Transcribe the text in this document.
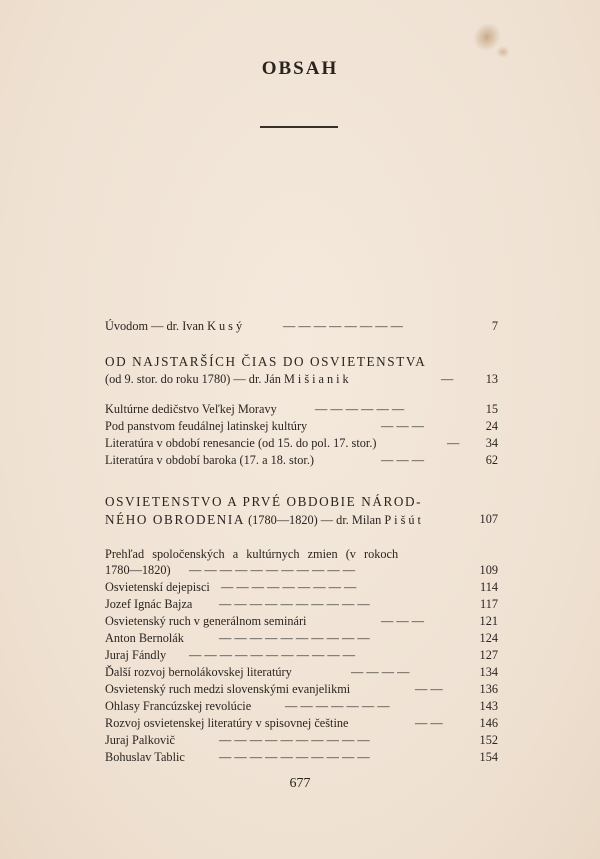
OBSAH
Úvodom — dr. Ivan Kusý	— — — — — — — —	7
OD NAJSTARŠÍCH ČIAS DO OSVIETENSTVA
(od 9. stor. do roku 1780) — dr. Ján Mišianik	—	13
Kultúrne dedičstvo Veľkej Moravy	— — — — — —	15
Pod panstvom feudálnej latinskej kultúry	— — —	24
Literatúra v období renesancie (od 15. do pol. 17. stor.)	— 34
Literatúra v období baroka (17. a 18. stor.)	— — —	62
OSVIETENSTVO A PRVÉ OBDOBIE NÁROD-
NÉHO OBRODENIA (1780—1820) — dr. Milan Pišút	107
Prehľad spoločenských a kultúrnych zmien (v rokoch
1780—1820) — — — — — — — — — — —	109
Osvietenskí dejepisci — — — — — — — — —	114
Jozef Ignác Bajza — — — — — — — — — —	117
Osvietenský ruch v generálnom seminári	— — —	121
Anton Bernolák	— — — — — — — — — —	124
Juraj Fándly — — — — — — — — — — —	127
Ďalší rozvoj bernolákovskej literatúry	— — — —	134
Osvietenský ruch medzi slovenskými evanjelikmi	— —	136
Ohlasy Francúzskej revolúcie	— — — — — — —	143
Rozvoj osvietenskej literatúry v spisovnej češtine	— —	146
Juraj Palkovič	— — — — — — — — — —	152
Bohuslav Tablic	— — — — — — — — — —	154
677
